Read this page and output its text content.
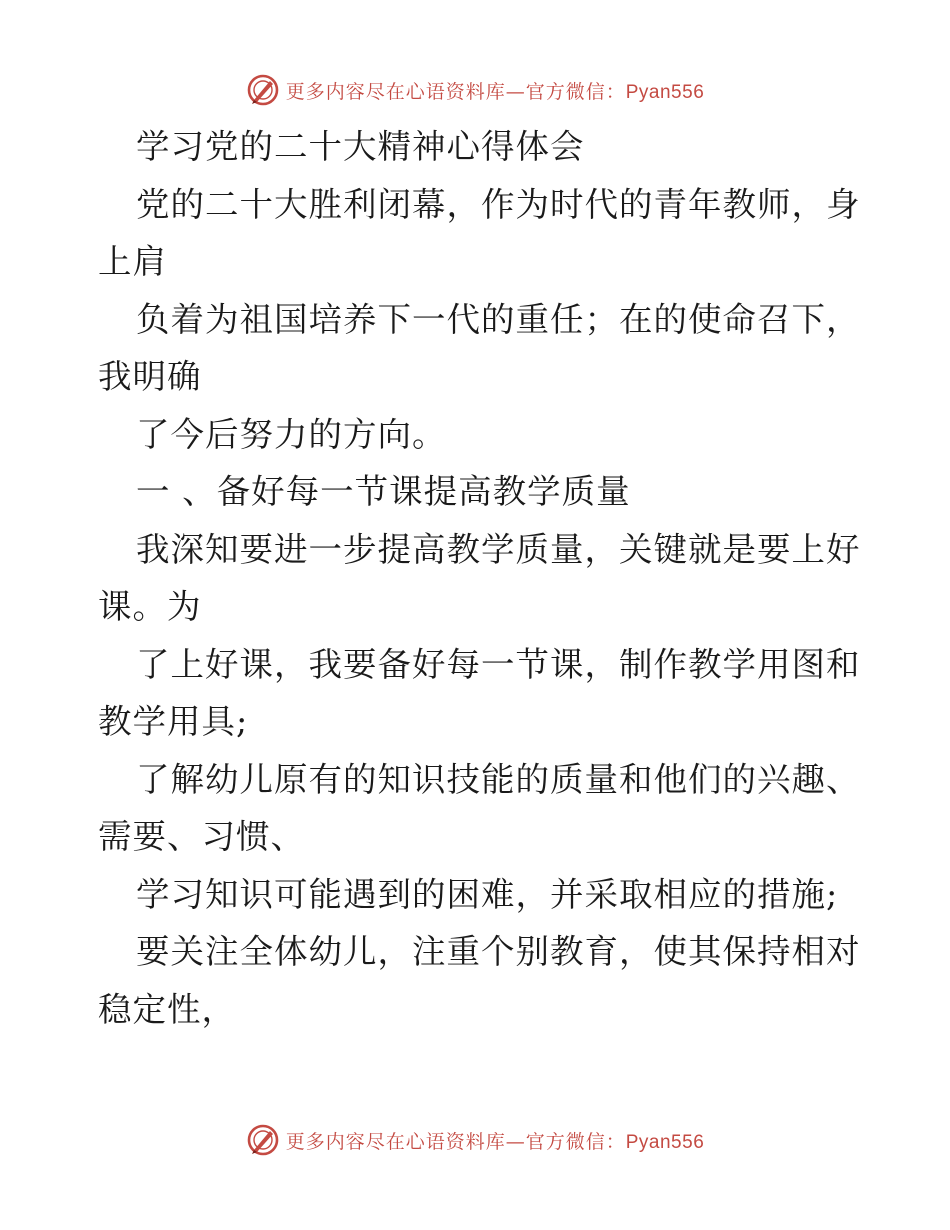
更多内容尽在心语资料库—官方微信：Pyan556
学习党的二十大精神心得体会
党的二十大胜利闭幕，作为时代的青年教师，身
上肩
负着为祖国培养下一代的重任；在的使命召下，
我明确
了今后努力的方向。
一 、备好每一节课提高教学质量
我深知要进一步提高教学质量，关键就是要上好
课。为
了上好课，我要备好每一节课，制作教学用图和
教学用具;
了解幼儿原有的知识技能的质量和他们的兴趣、
需要、习惯、
学习知识可能遇到的困难，并采取相应的措施;
要关注全体幼儿，注重个别教育，使其保持相对
稳定性，
更多内容尽在心语资料库—官方微信：Pyan556
